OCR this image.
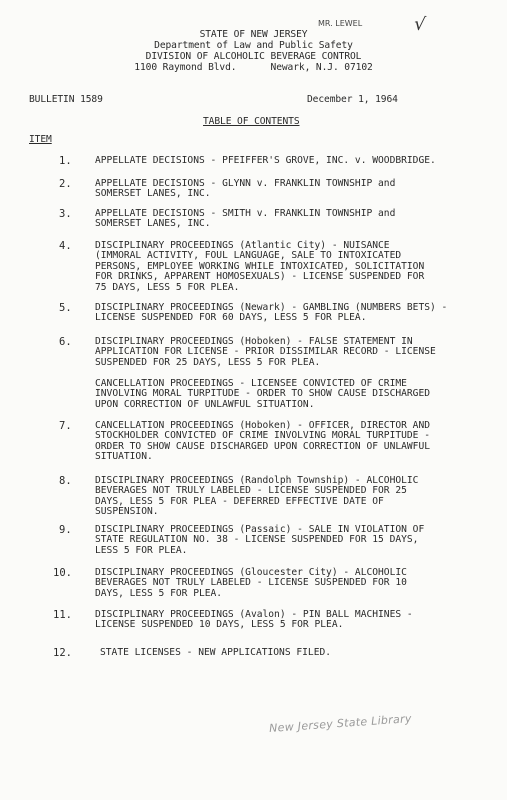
MR. LEWEL	√
STATE OF NEW JERSEY
Department of Law and Public Safety
DIVISION OF ALCOHOLIC BEVERAGE CONTROL
1100 Raymond Blvd.      Newark, N.J. 07102
BULLETIN 1589	December 1, 1964
TABLE OF CONTENTS
ITEM
1. APPELLATE DECISIONS - PFEIFFER'S GROVE, INC. v. WOODBRIDGE.
2. APPELLATE DECISIONS - GLYNN v. FRANKLIN TOWNSHIP and
SOMERSET LANES, INC.
3. APPELLATE DECISIONS - SMITH v. FRANKLIN TOWNSHIP and
SOMERSET LANES, INC.
4. DISCIPLINARY PROCEEDINGS (Atlantic City) - NUISANCE
(IMMORAL ACTIVITY, FOUL LANGUAGE, SALE TO INTOXICATED
PERSONS, EMPLOYEE WORKING WHILE INTOXICATED, SOLICITATION
FOR DRINKS, APPARENT HOMOSEXUALS) - LICENSE SUSPENDED FOR
75 DAYS, LESS 5 FOR PLEA.
5. DISCIPLINARY PROCEEDINGS (Newark) - GAMBLING (NUMBERS BETS) -
LICENSE SUSPENDED FOR 60 DAYS, LESS 5 FOR PLEA.
6. DISCIPLINARY PROCEEDINGS (Hoboken) - FALSE STATEMENT IN
APPLICATION FOR LICENSE - PRIOR DISSIMILAR RECORD - LICENSE
SUSPENDED FOR 25 DAYS, LESS 5 FOR PLEA.
CANCELLATION PROCEEDINGS - LICENSEE CONVICTED OF CRIME
INVOLVING MORAL TURPITUDE - ORDER TO SHOW CAUSE DISCHARGED
UPON CORRECTION OF UNLAWFUL SITUATION.
7. CANCELLATION PROCEEDINGS (Hoboken) - OFFICER, DIRECTOR AND
STOCKHOLDER CONVICTED OF CRIME INVOLVING MORAL TURPITUDE -
ORDER TO SHOW CAUSE DISCHARGED UPON CORRECTION OF UNLAWFUL
SITUATION.
8. DISCIPLINARY PROCEEDINGS (Randolph Township) - ALCOHOLIC
BEVERAGES NOT TRULY LABELED - LICENSE SUSPENDED FOR 25
DAYS, LESS 5 FOR PLEA - DEFERRED EFFECTIVE DATE OF
SUSPENSION.
9. DISCIPLINARY PROCEEDINGS (Passaic) - SALE IN VIOLATION OF
STATE REGULATION NO. 38 - LICENSE SUSPENDED FOR 15 DAYS,
LESS 5 FOR PLEA.
10. DISCIPLINARY PROCEEDINGS (Gloucester City) - ALCOHOLIC
BEVERAGES NOT TRULY LABELED - LICENSE SUSPENDED FOR 10
DAYS, LESS 5 FOR PLEA.
11. DISCIPLINARY PROCEEDINGS (Avalon) - PIN BALL MACHINES -
LICENSE SUSPENDED 10 DAYS, LESS 5 FOR PLEA.
12.	STATE LICENSES - NEW APPLICATIONS FILED.
New Jersey State Library
